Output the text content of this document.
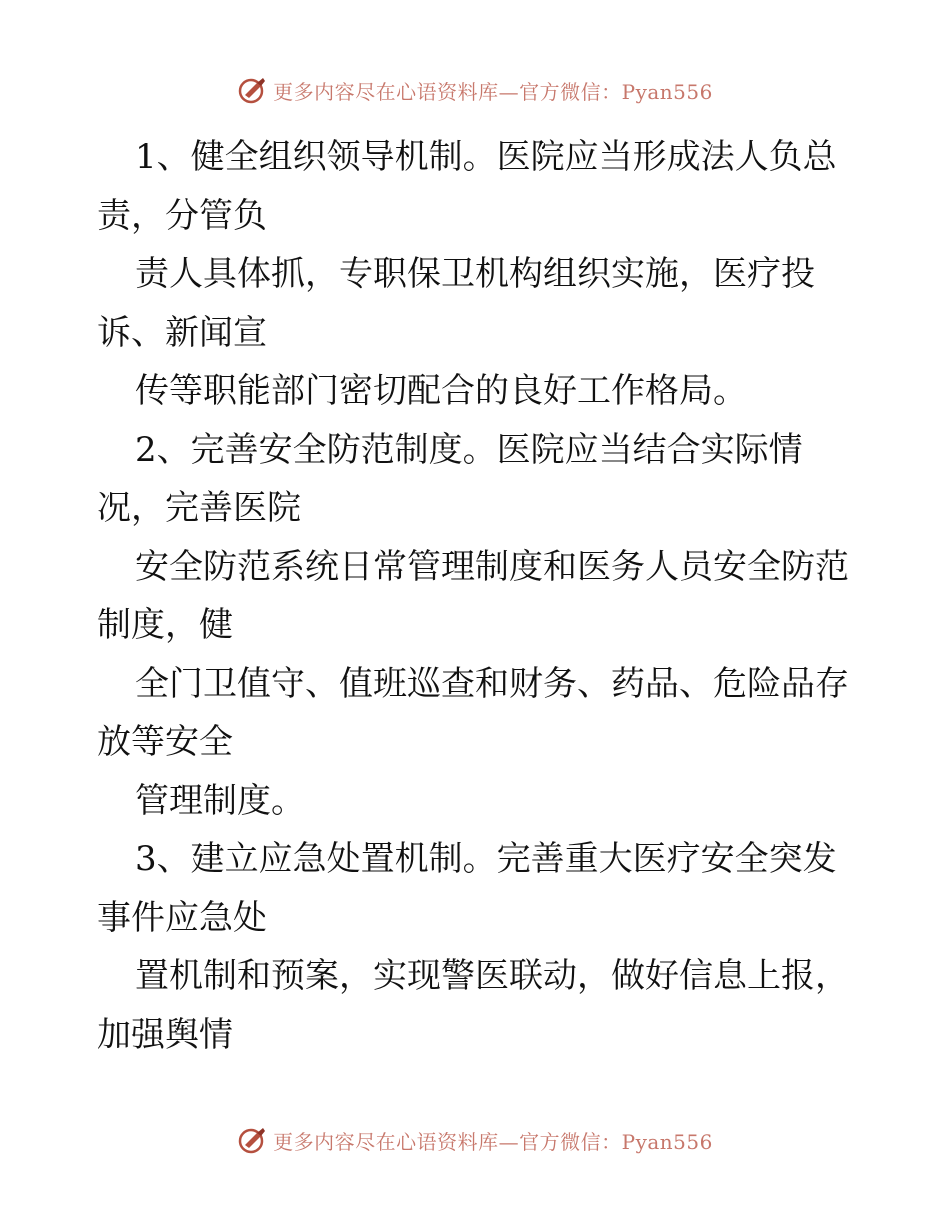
更多内容尽在心语资料库—官方微信：Pyan556
1、健全组织领导机制。医院应当形成法人负总
责，分管负
责人具体抓，专职保卫机构组织实施，医疗投
诉、新闻宣
传等职能部门密切配合的良好工作格局。
2、完善安全防范制度。医院应当结合实际情
况，完善医院
安全防范系统日常管理制度和医务人员安全防范
制度，健
全门卫值守、值班巡查和财务、药品、危险品存
放等安全
管理制度。
3、建立应急处置机制。完善重大医疗安全突发
事件应急处
置机制和预案，实现警医联动，做好信息上报，
加强舆情
更多内容尽在心语资料库—官方微信：Pyan556
